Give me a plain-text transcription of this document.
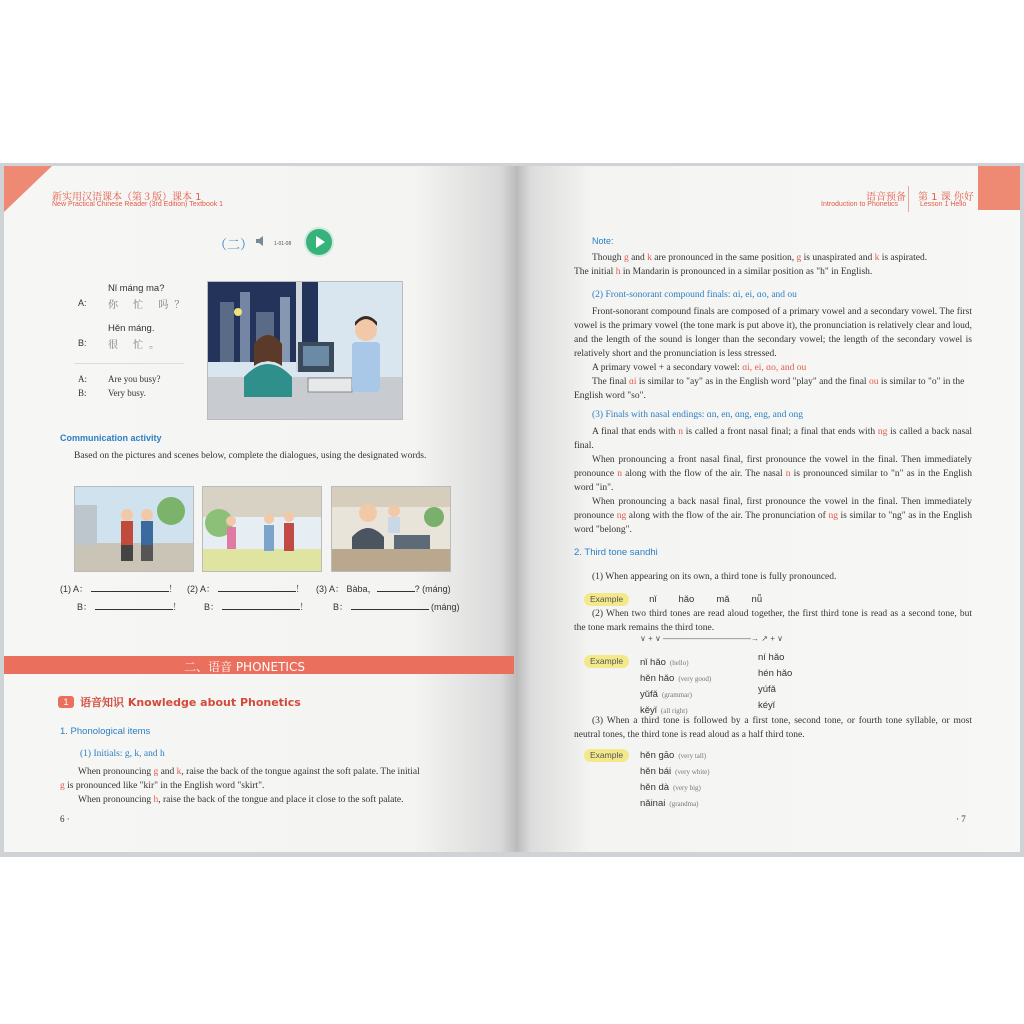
新实用汉语课本（第３版）课本 1
New Practical Chinese Reader (3rd Edition) Textbook 1
（二）	1-01-08
Nǐ máng ma?
A: 你 忙 吗？
Hěn máng.
B: 很 忙。
A: Are you busy?
B: Very busy.
Communication activity
Based on the pictures and scenes below, complete the dialogues, using the designated words.
(1) A：	！
B：	！
(2) A：	！
B：	！
(3) A： Bàba，	? (máng)
B：	(máng)
二、语音 PHONETICS
1	语音知识 Knowledge about Phonetics
1. Phonological items
(1) Initials: g, k, and h
When pronouncing g and k, raise the back of the tongue against the soft palate. The initial
g is pronounced like "kir" in the English word "skirt".
When pronouncing h, raise the back of the tongue and place it close to the soft palate.
6 ·
语音预备
Introduction to Phonetics
第 1 课 你好
Lesson 1 Hello
Note:
Though g and k are pronounced in the same position, g is unaspirated and k is aspirated.
The initial h in Mandarin is pronounced in a similar position as "h" in English.
(2) Front-sonorant compound finals: ɑi, ei, ɑo, and ou
Front-sonorant compound finals are composed of a primary vowel and a secondary vowel. The first vowel is the primary vowel (the tone mark is put above it), the pronunciation is relatively clear and loud, and the length of the sound is longer than the secondary vowel; the length of the secondary vowel is relatively short and the pronunciation is less stressed.
A primary vowel + a secondary vowel: ɑi, ei, ɑo, and ou
The final ɑi is similar to "ay" as in the English word "play" and the final ou is similar to "o" in the English word "so".
(3) Finals with nasal endings: ɑn, en, ɑng, eng, and ong
A final that ends with n is called a front nasal final; a final that ends with ng is called a back nasal final.
When pronouncing a front nasal final, first pronounce the vowel in the final. Then immediately pronounce n along with the flow of the air. The nasal n is pronounced similar to "n" as in the English word "in".
When pronouncing a back nasal final, first pronounce the vowel in the final. Then immediately pronounce ng along with the flow of the air. The pronunciation of ng is similar to "ng" as in the English word "belong".
2. Third tone sandhi
(1) When appearing on its own, a third tone is fully pronounced.
Example	nǐ hǎo mǎ nǚ
(2) When two third tones are read aloud together, the first third tone is read as a second tone, but the tone mark remains the third tone.
∨ + ∨ ———————————→ ↗ + ∨
Example	nǐ hǎo (hello)	ní hǎo
hěn hǎo (very good)	hén hǎo
yǔfǎ (grammar)	yúfǎ
kěyǐ (all right)	kéyǐ
(3) When a third tone is followed by a first tone, second tone, or fourth tone syllable, or most neutral tones, the third tone is read aloud as a half third tone.
Example	hěn gāo (very tall)
hěn bái (very white)
hěn dà (very big)
nǎinai (grandma)
· 7
